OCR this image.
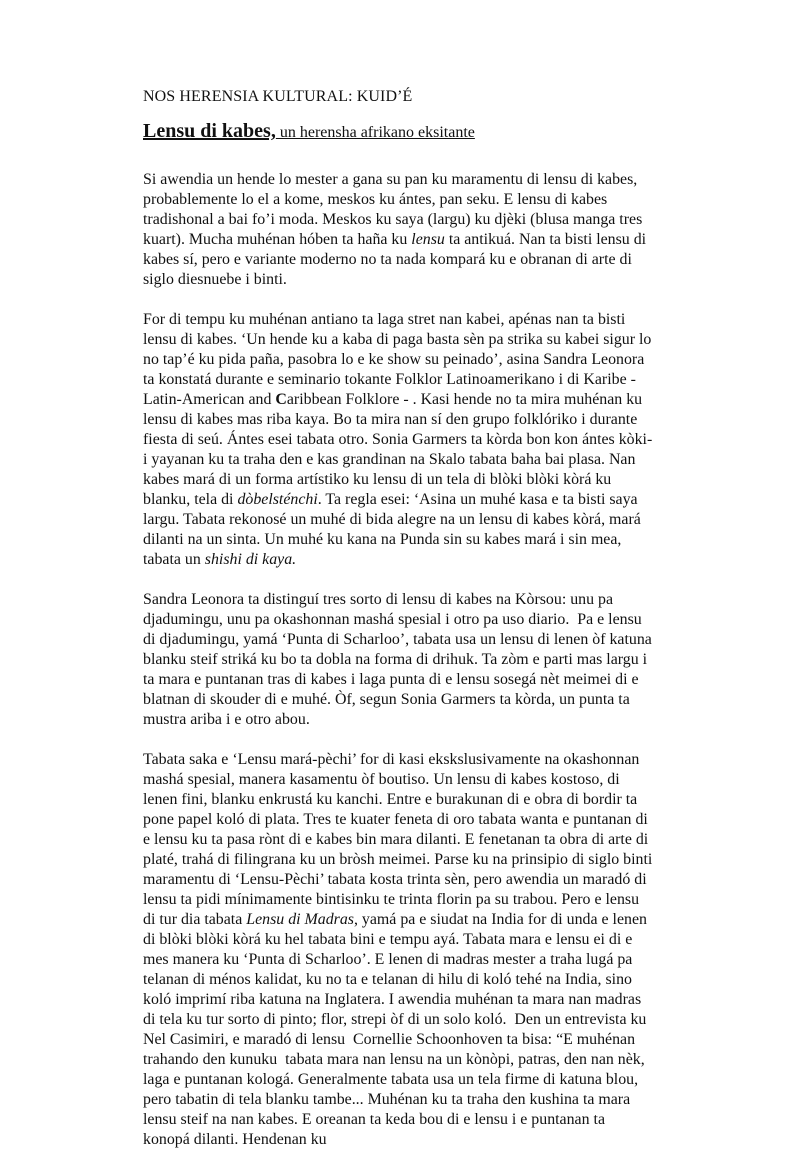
NOS HERENSIA KULTURAL: KUID’É
Lensu di kabes, un herensha afrikano eksitante

Si awendia un hende lo mester a gana su pan ku maramentu di lensu di kabes, probablemente lo el a kome, meskos ku ántes, pan seku. E lensu di kabes tradishonal a bai fo’i moda. Meskos ku saya (largu) ku djèki (blusa manga tres kuart). Mucha muhénan hóben ta haña ku lensu ta antikuá. Nan ta bisti lensu di kabes sí, pero e variante moderno no ta nada kompará ku e obranan di arte di siglo diesnuebe i binti.

For di tempu ku muhénan antiano ta laga stret nan kabei, apénas nan ta bisti lensu di kabes. ‘Un hende ku a kaba di paga basta sèn pa strika su kabei sigur lo no tap’é ku pida paña, pasobra lo e ke show su peinado’, asina Sandra Leonora ta konstatá durante e seminario tokante Folklor Latinoamerikano i di Karibe - Latin-American and Caribbean Folklore - . Kasi hende no ta mira muhénan ku lensu di kabes mas riba kaya. Bo ta mira nan sí den grupo folklóriko i durante fiesta di seú. Ántes esei tabata otro. Sonia Garmers ta kòrda bon kon ántes kòki- i yayanan ku ta traha den e kas grandinan na Skalo tabata baha bai plasa. Nan kabes mará di un forma artístiko ku lensu di un tela di blòki blòki kòrá ku blanku, tela di dòbelsténchi. Ta regla esei: ‘Asina un muhé kasa e ta bisti saya largu. Tabata rekonosé un muhé di bida alegre na un lensu di kabes kòrá, mará dilanti na un sinta. Un muhé ku kana na Punda sin su kabes mará i sin mea, tabata un shishi di kaya.

Sandra Leonora ta distinguí tres sorto di lensu di kabes na Kòrsou: unu pa djadumingu, unu pa okashonnan mashá spesial i otro pa uso diario.  Pa e lensu di djadumingu, yamá ‘Punta di Scharloo’, tabata usa un lensu di lenen òf katuna blanku steif striká ku bo ta dobla na forma di drihuk. Ta zòm e parti mas largu i ta mara e puntanan tras di kabes i laga punta di e lensu sosegá nèt meimei di e blatnan di skouder di e muhé. Òf, segun Sonia Garmers ta kòrda, un punta ta mustra ariba i e otro abou.

Tabata saka e ‘Lensu mará-pèchi’ for di kasi ekskslusivamente na okashonnan mashá spesial, manera kasamentu òf boutiso. Un lensu di kabes kostoso, di lenen fini, blanku enkrustá ku kanchi. Entre e burakunan di e obra di bordir ta pone papel koló di plata. Tres te kuater feneta di oro tabata wanta e puntanan di e lensu ku ta pasa rònt di e kabes bin mara dilanti. E fenetanan ta obra di arte di platé, trahá di filingrana ku un bròsh meimei. Parse ku na prinsipio di siglo binti maramentu di ‘Lensu-Pèchi’ tabata kosta trinta sèn, pero awendia un maradó di lensu ta pidi mínimamente bintisinku te trinta florin pa su trabou. Pero e lensu di tur dia tabata Lensu di Madras, yamá pa e siudat na India for di unda e lenen di blòki blòki kòrá ku hel tabata bini e tempu ayá. Tabata mara e lensu ei di e mes manera ku ‘Punta di Scharloo’. E lenen di madras mester a traha lugá pa telanan di ménos kalidat, ku no ta e telanan di hilu di koló tehé na India, sino koló imprimí riba katuna na Inglatera. I awendia muhénan ta mara nan madras di tela ku tur sorto di pinto; flor, strepi òf di un solo koló.  Den un entrevista ku Nel Casimiri, e maradó di lensu  Cornellie Schoonhoven ta bisa: “E muhénan trahando den kunuku  tabata mara nan lensu na un kònòpi, patras, den nan nèk, laga e puntanan kologá. Generalmente tabata usa un tela firme di katuna blou, pero tabatin di tela blanku tambe... Muhénan ku ta traha den kushina ta mara lensu steif na nan kabes. E oreanan ta keda bou di e lensu i e puntanan ta konopá dilanti. Hendenan ku
